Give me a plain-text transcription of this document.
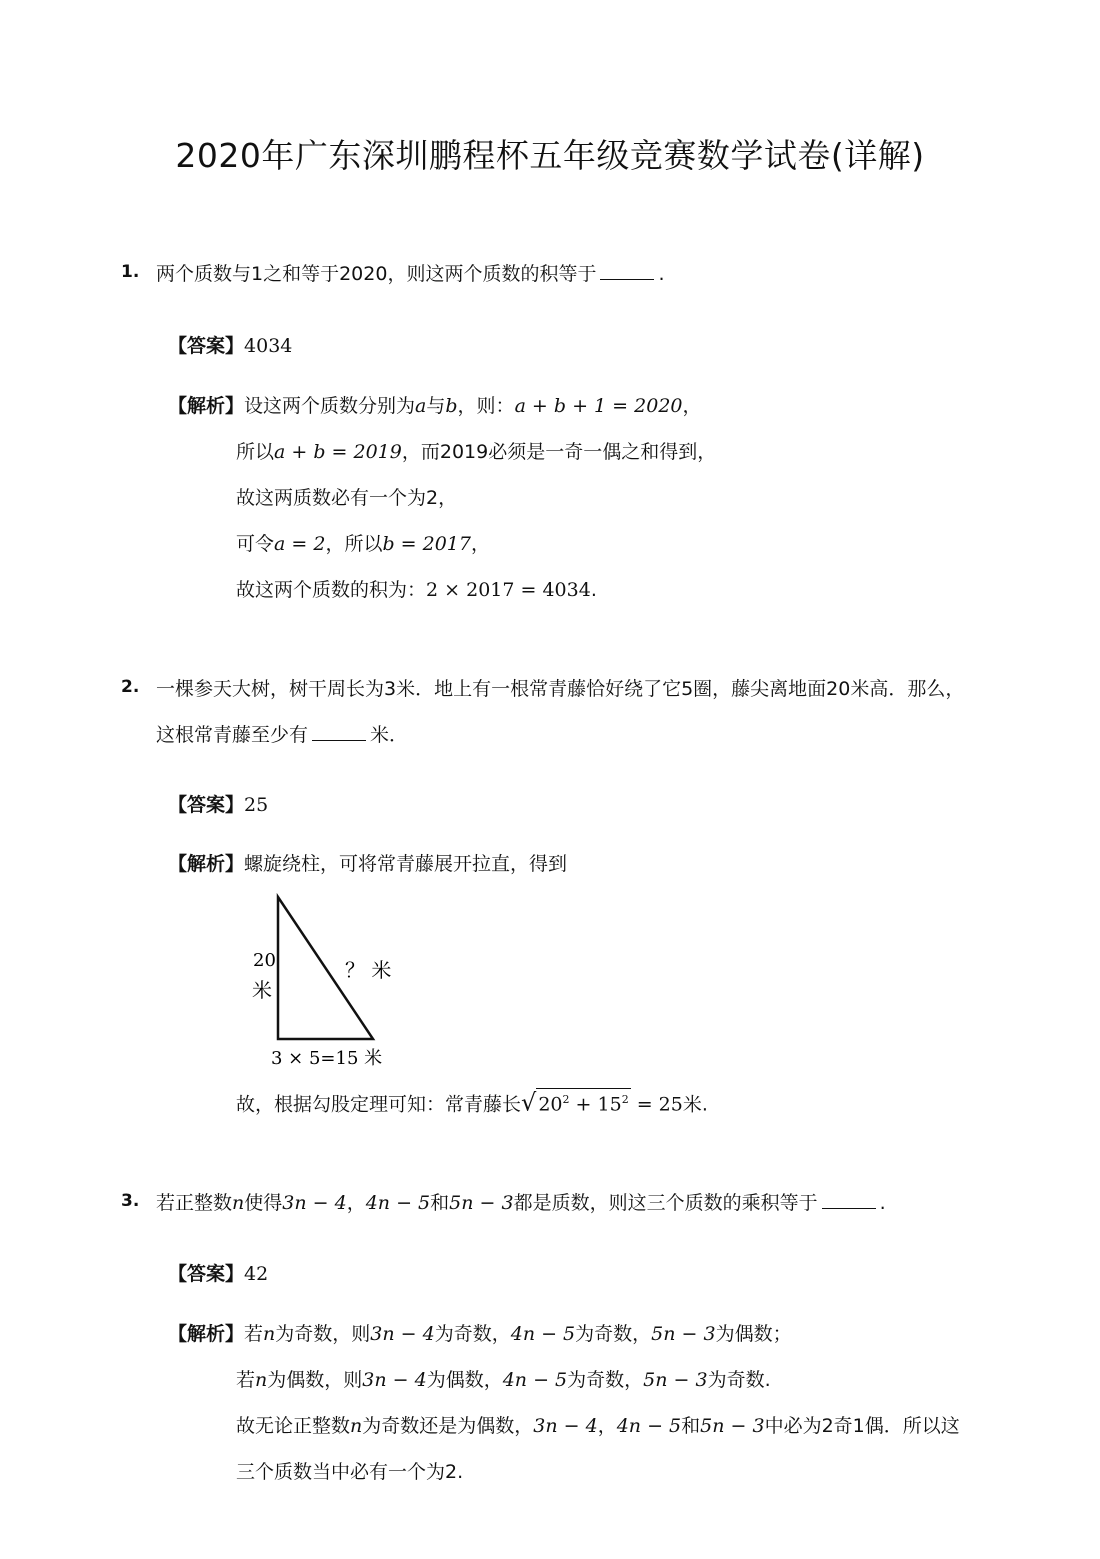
2020年广东深圳鹏程杯五年级竞赛数学试卷(详解)
1. 两个质数与1之和等于2020，则这两个质数的积等于	.
【答案】4034
【解析】设这两个质数分别为a与b，则：a + b + 1 = 2020，
所以a + b = 2019，而2019必须是一奇一偶之和得到，
故这两质数必有一个为2，
可令a = 2，所以b = 2017，
故这两个质数的积为：2 × 2017 = 4034.
2. 一棵参天大树，树干周长为3米．地上有一根常青藤恰好绕了它5圈，藤尖离地面20米高．那么，
这根常青藤至少有	米．
【答案】25
【解析】螺旋绕柱，可将常青藤展开拉直，得到
20
米
？ 米
3 × 5=15 米
故，根据勾股定理可知：常青藤长√ $20^2 + 15^2 = 25$米.
3. 若正整数n使得3n − 4，4n − 5和5n − 3都是质数，则这三个质数的乘积等于	.
【答案】42
【解析】若n为奇数，则3n − 4为奇数，4n − 5为奇数，5n − 3为偶数；
若n为偶数，则3n − 4为偶数，4n − 5为奇数，5n − 3为奇数.
故无论正整数n为奇数还是为偶数，3n − 4，4n − 5和5n − 3中必为2奇1偶．所以这
三个质数当中必有一个为2.
